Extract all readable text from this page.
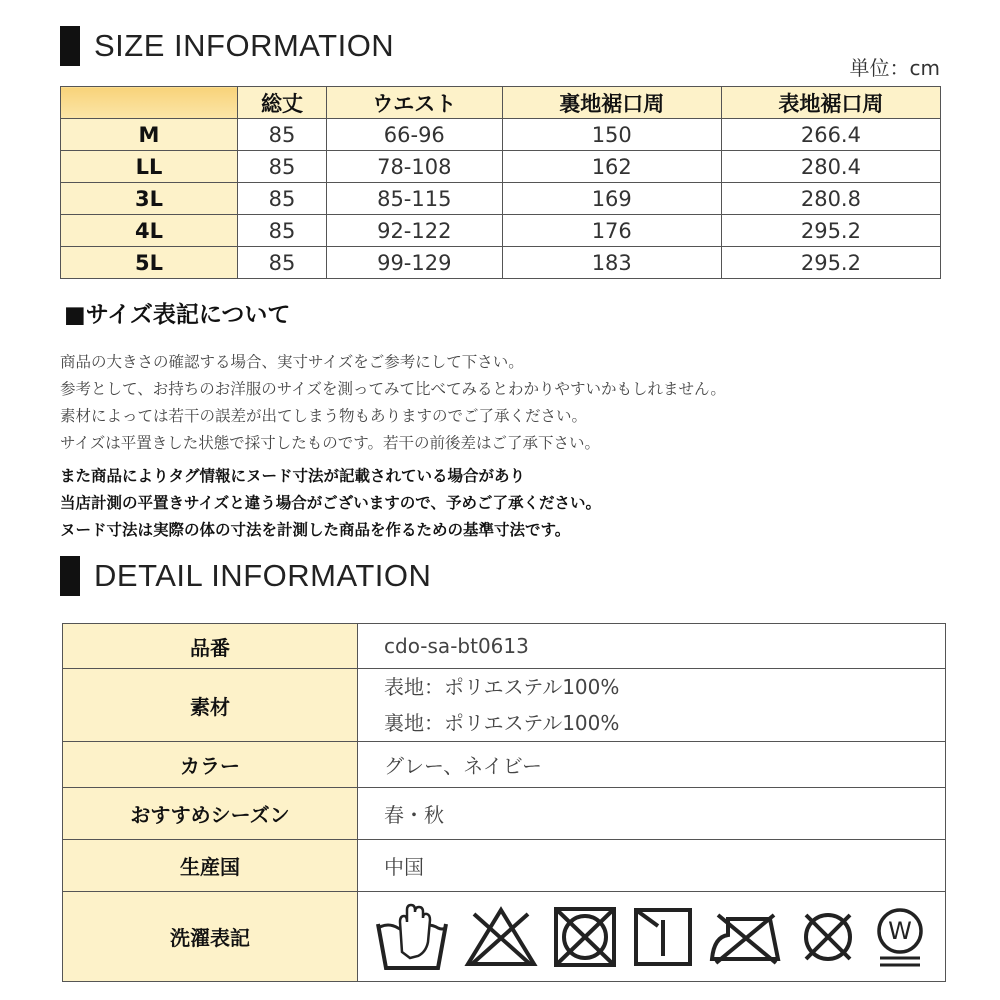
SIZE INFORMATION
単位：cm
	総丈	ウエスト	裏地裾口周	表地裾口周
M	85	66-96	150	266.4
LL	85	78-108	162	280.4
3L	85	85-115	169	280.8
4L	85	92-122	176	295.2
5L	85	99-129	183	295.2
■サイズ表記について
商品の大きさの確認する場合、実寸サイズをご参考にして下さい。
参考として、お持ちのお洋服のサイズを測ってみて比べてみるとわかりやすいかもしれません。
素材によっては若干の誤差が出てしまう物もありますのでご了承ください。
サイズは平置きした状態で採寸したものです。若干の前後差はご了承下さい。
また商品によりタグ情報にヌード寸法が記載されている場合があり
当店計測の平置きサイズと違う場合がございますので、予めご了承ください。
ヌード寸法は実際の体の寸法を計測した商品を作るための基準寸法です。
DETAIL INFORMATION
品番	cdo-sa-bt0613
素材	表地：ポリエステル100%
裏地：ポリエステル100%

カラー	グレー、ネイビー
おすすめシーズン	春・秋
生産国	中国
洗濯表記	W
